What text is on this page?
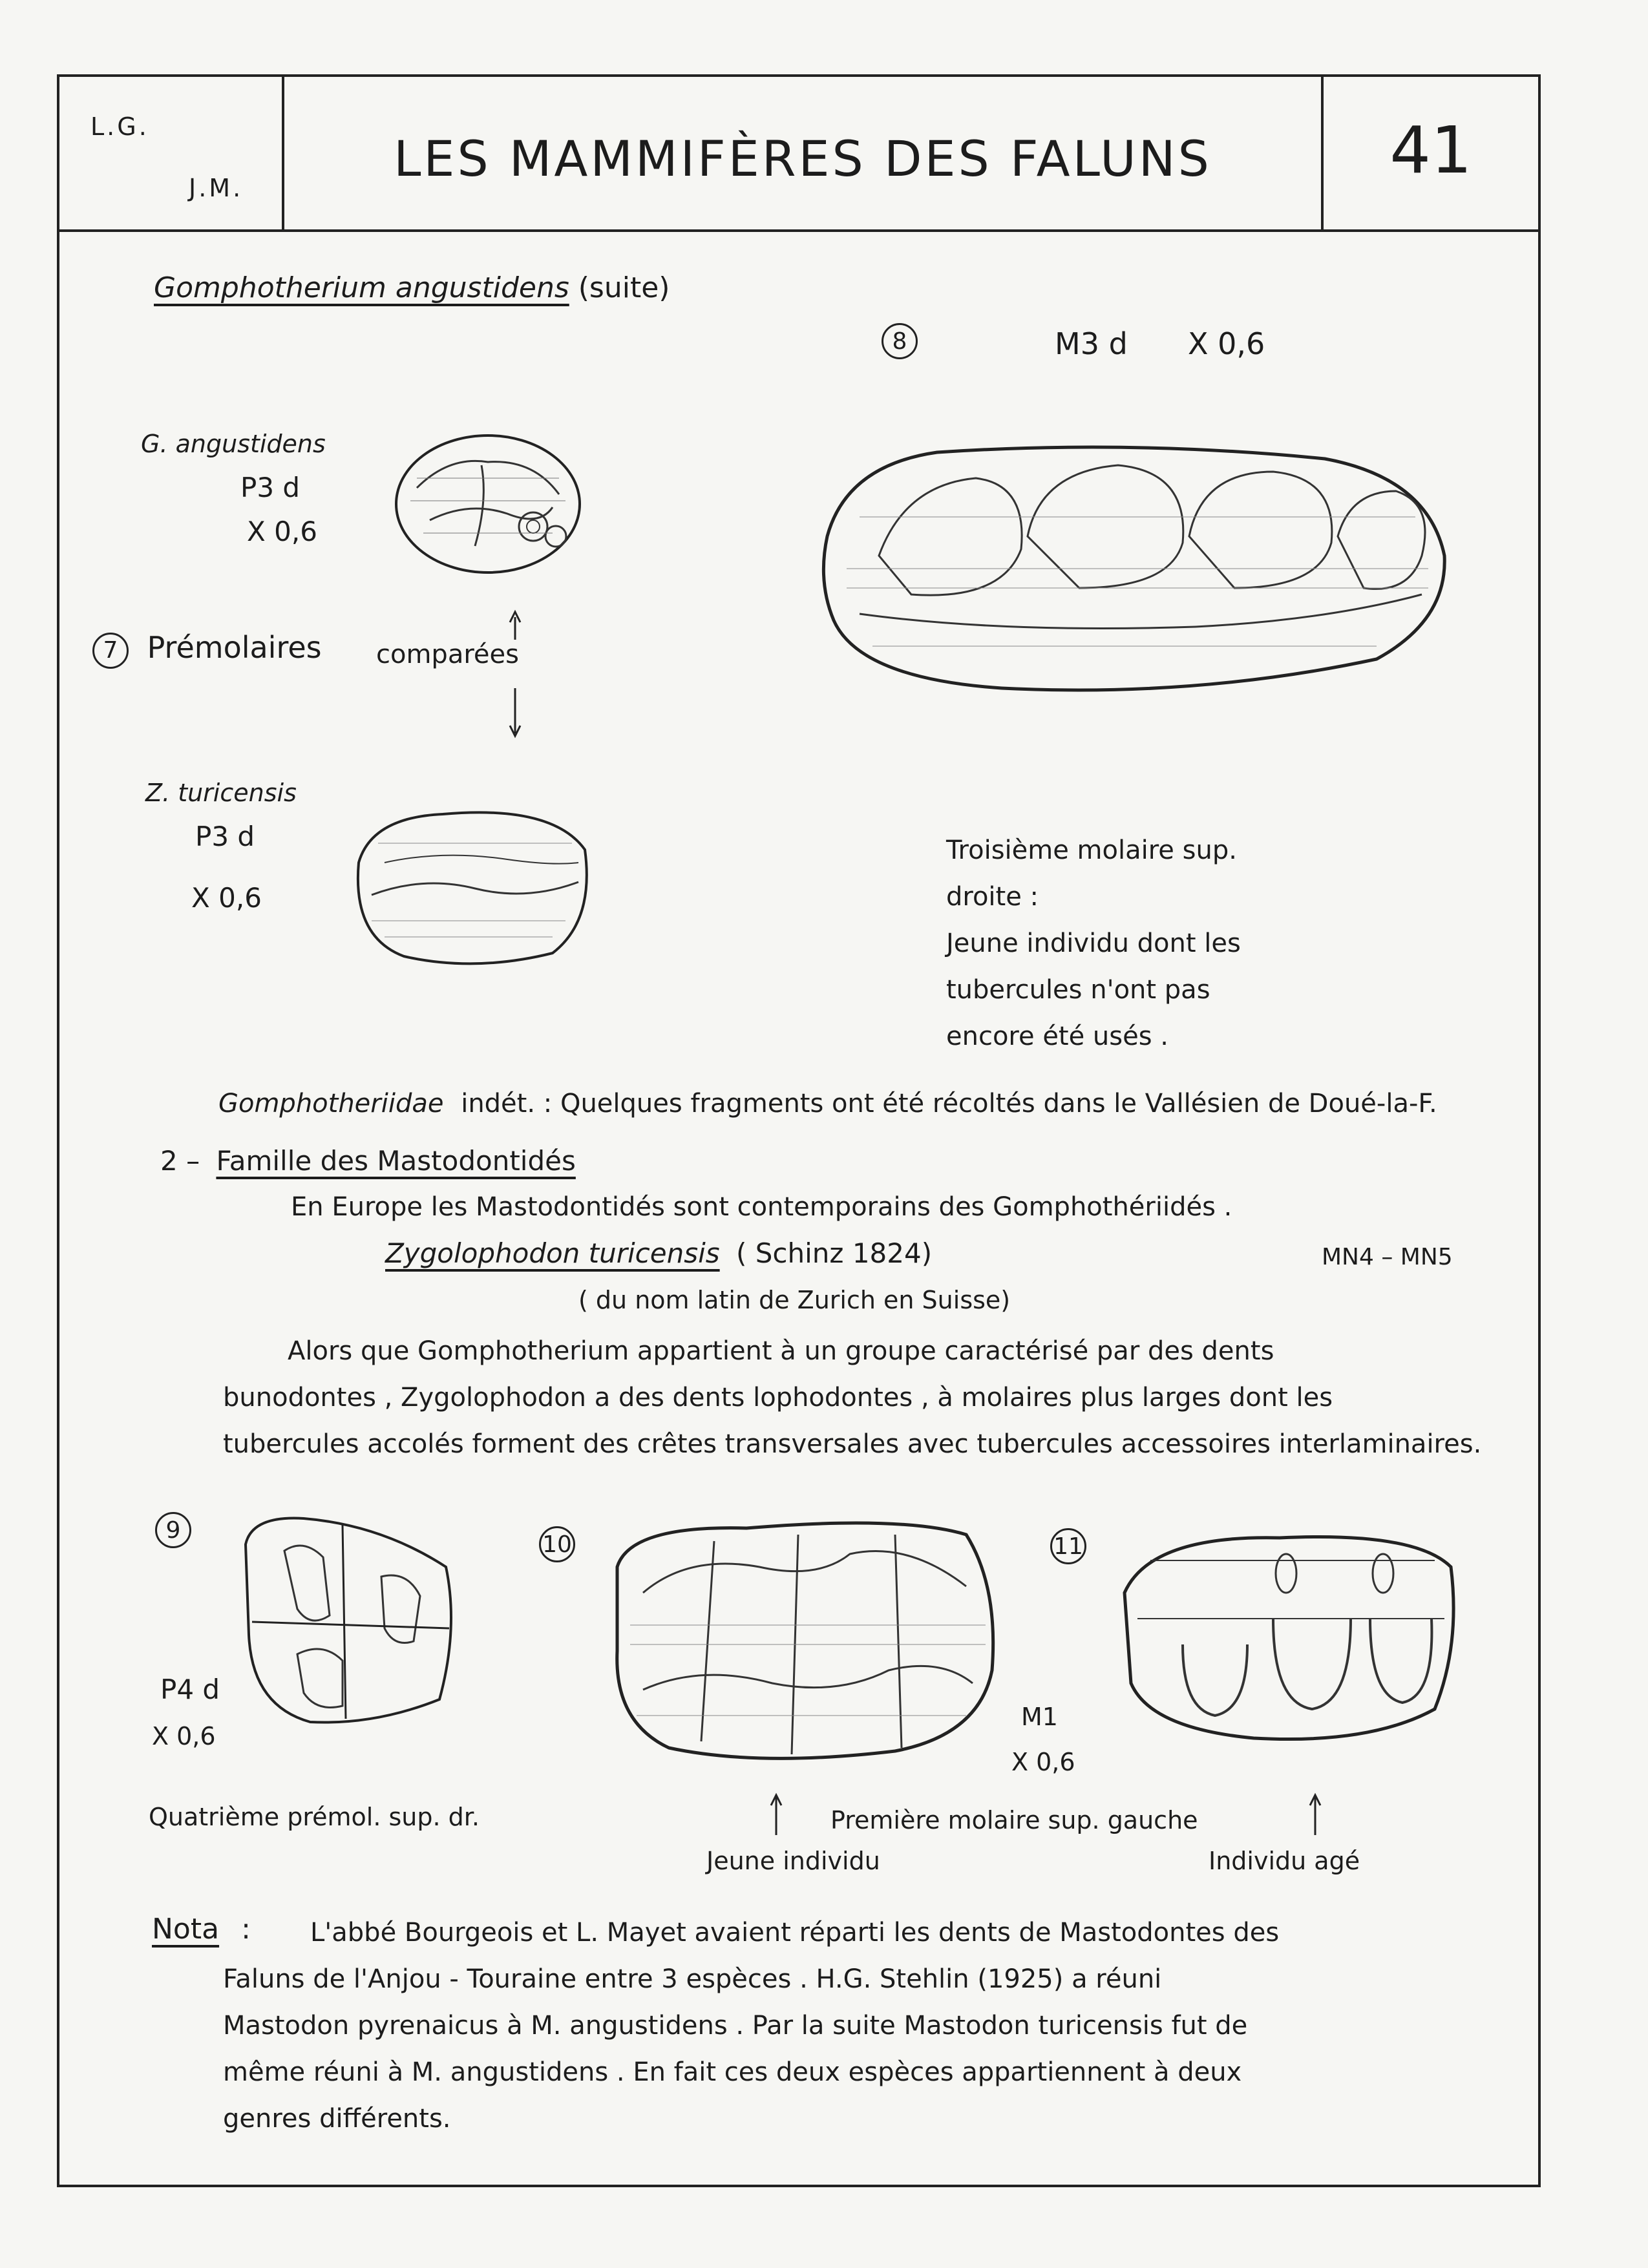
L.G.
J.M.
LES MAMMIFÈRES DES FALUNS	41
Gomphotherium angustidens (suite)
8	M3 d X 0,6
G. angustidens
P3 d
X 0,6
7 Prémolaires comparées
Z. turicensis
P3 d
X 0,6
Troisième molaire sup.
droite :
Jeune individu dont les
tubercules n'ont pas
encore été usés .
Gomphotheriidae indét. : Quelques fragments ont été récoltés dans le Vallésien de Doué-la-F.
2 – Famille des Mastodontidés
En Europe les Mastodontidés sont contemporains des Gomphothériidés .
Zygolophodon turicensis ( Schinz 1824)	MN4 – MN5
( du nom latin de Zurich en Suisse)
Alors que Gomphotherium appartient à un groupe caractérisé par des dents
bunodontes , Zygolophodon a des dents lophodontes , à molaires plus larges dont les
tubercules accolés forment des crêtes transversales avec tubercules accessoires interlaminaires.
9
P4 d
X 0,6
10	11
M1
X 0,6
Quatrième prémol. sup. dr.	Première molaire sup. gauche
Jeune individu	Individu agé
Nota :	L'abbé Bourgeois et L. Mayet avaient réparti les dents de Mastodontes des
Faluns de l'Anjou - Touraine entre 3 espèces . H.G. Stehlin (1925) a réuni
Mastodon pyrenaicus à M. angustidens . Par la suite Mastodon turicensis fut de
même réuni à M. angustidens . En fait ces deux espèces appartiennent à deux
genres différents.
